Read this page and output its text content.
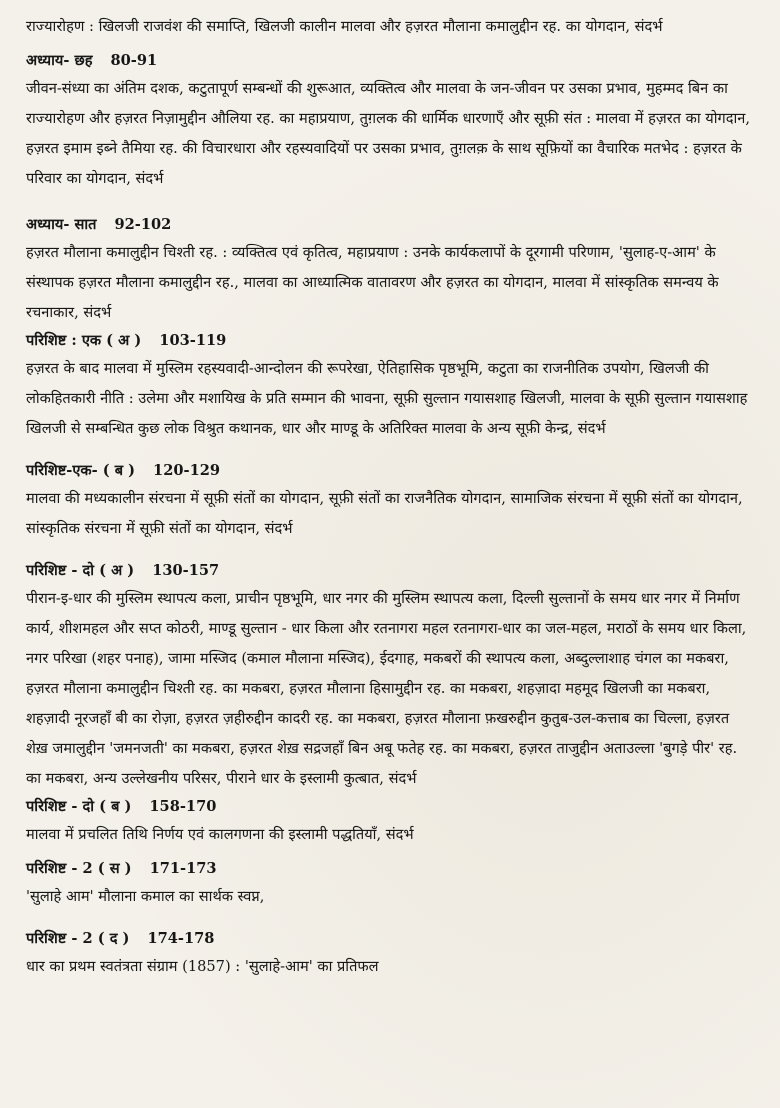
राज्यारोहण : खिलजी राजवंश की समाप्ति, खिलजी कालीन मालवा और हज़रत मौलाना कमालुद्दीन रह. का योगदान, संदर्भ

अध्याय- छह 80-91

जीवन-संध्या का अंतिम दशक, कटुतापूर्ण सम्बन्धों की शुरूआत, व्यक्तित्व और मालवा के जन-जीवन पर उसका प्रभाव, मुहम्मद बिन का राज्यारोहण और हज़रत निज़ामुद्दीन औलिया रह. का महाप्रयाण, तुग़लक की धार्मिक धारणाएँ और सूफ़ी संत : मालवा में हज़रत का योगदान, हज़रत इमाम इब्ने तैमिया रह. की विचारधारा और रहस्यवादियों पर उसका प्रभाव, तुग़लक़ के साथ सूफ़ियों का वैचारिक मतभेद : हज़रत के परिवार का योगदान, संदर्भ

अध्याय- सात 92-102

हज़रत मौलाना कमालुद्दीन चिश्ती रह. : व्यक्तित्व एवं कृतित्व, महाप्रयाण : उनके कार्यकलापों के दूरगामी परिणाम, 'सुलाह-ए-आम' के संस्थापक हज़रत मौलाना कमालुद्दीन रह., मालवा का आध्यात्मिक वातावरण और हज़रत का योगदान, मालवा में सांस्कृतिक समन्वय के रचनाकार, संदर्भ

परिशिष्ट : एक ( अ ) 103-119

हज़रत के बाद मालवा में मुस्लिम रहस्यवादी-आन्दोलन की रूपरेखा, ऐतिहासिक पृष्ठभूमि, कटुता का राजनीतिक उपयोग, खिलजी की लोकहितकारी नीति : उलेमा और मशायिख के प्रति सम्मान की भावना, सूफ़ी सुल्तान गयासशाह खिलजी, मालवा के सूफ़ी सुल्तान गयासशाह खिलजी से सम्बन्धित कुछ लोक विश्रुत कथानक, धार और माण्डू के अतिरिक्त मालवा के अन्य सूफ़ी केन्द्र, संदर्भ

परिशिष्ट-एक- ( ब ) 120-129

मालवा की मध्यकालीन संरचना में सूफ़ी संतों का योगदान, सूफ़ी संतों का राजनैतिक योगदान, सामाजिक संरचना में सूफ़ी संतों का योगदान, सांस्कृतिक संरचना में सूफ़ी संतों का योगदान, संदर्भ

परिशिष्ट - दो ( अ ) 130-157

पीरान-इ-धार की मुस्लिम स्थापत्य कला, प्राचीन पृष्ठभूमि, धार नगर की मुस्लिम स्थापत्य कला, दिल्ली सुल्तानों के समय धार नगर में निर्माण कार्य, शीशमहल और सप्त कोठरी, माण्डू सुल्तान - धार किला और रतनागरा महल रतनागरा-धार का जल-महल, मराठों के समय धार किला, नगर परिखा (शहर पनाह), जामा मस्जिद (कमाल मौलाना मस्जिद), ईदगाह, मकबरों की स्थापत्य कला, अब्दुल्लाशाह चंगल का मकबरा, हज़रत मौलाना कमालुद्दीन चिश्ती रह. का मकबरा, हज़रत मौलाना हिसामुद्दीन रह. का मकबरा, शहज़ादा महमूद खिलजी का मकबरा, शहज़ादी नूरजहाँ बी का रोज़ा, हज़रत ज़हीरुद्दीन कादरी रह. का मकबरा, हज़रत मौलाना फ़खरुद्दीन कुतुब-उल-कत्ताब का चिल्ला, हज़रत शेख़ जमालुद्दीन 'जमनजती' का मकबरा, हज़रत शेख़ सद्रजहाँ बिन अबू फतेह रह. का मकबरा, हज़रत ताजुद्दीन अताउल्ला 'बुगड़े पीर' रह. का मकबरा, अन्य उल्लेखनीय परिसर, पीराने धार के इस्लामी कुत्बात, संदर्भ

परिशिष्ट - दो ( ब ) 158-170

मालवा में प्रचलित तिथि निर्णय एवं कालगणना की इस्लामी पद्धतियाँ, संदर्भ

परिशिष्ट - 2 ( स ) 171-173

'सुलाहे आम' मौलाना कमाल का सार्थक स्वप्न,

परिशिष्ट - 2 ( द ) 174-178

धार का प्रथम स्वतंत्रता संग्राम (1857) : 'सुलाहे-आम' का प्रतिफल
